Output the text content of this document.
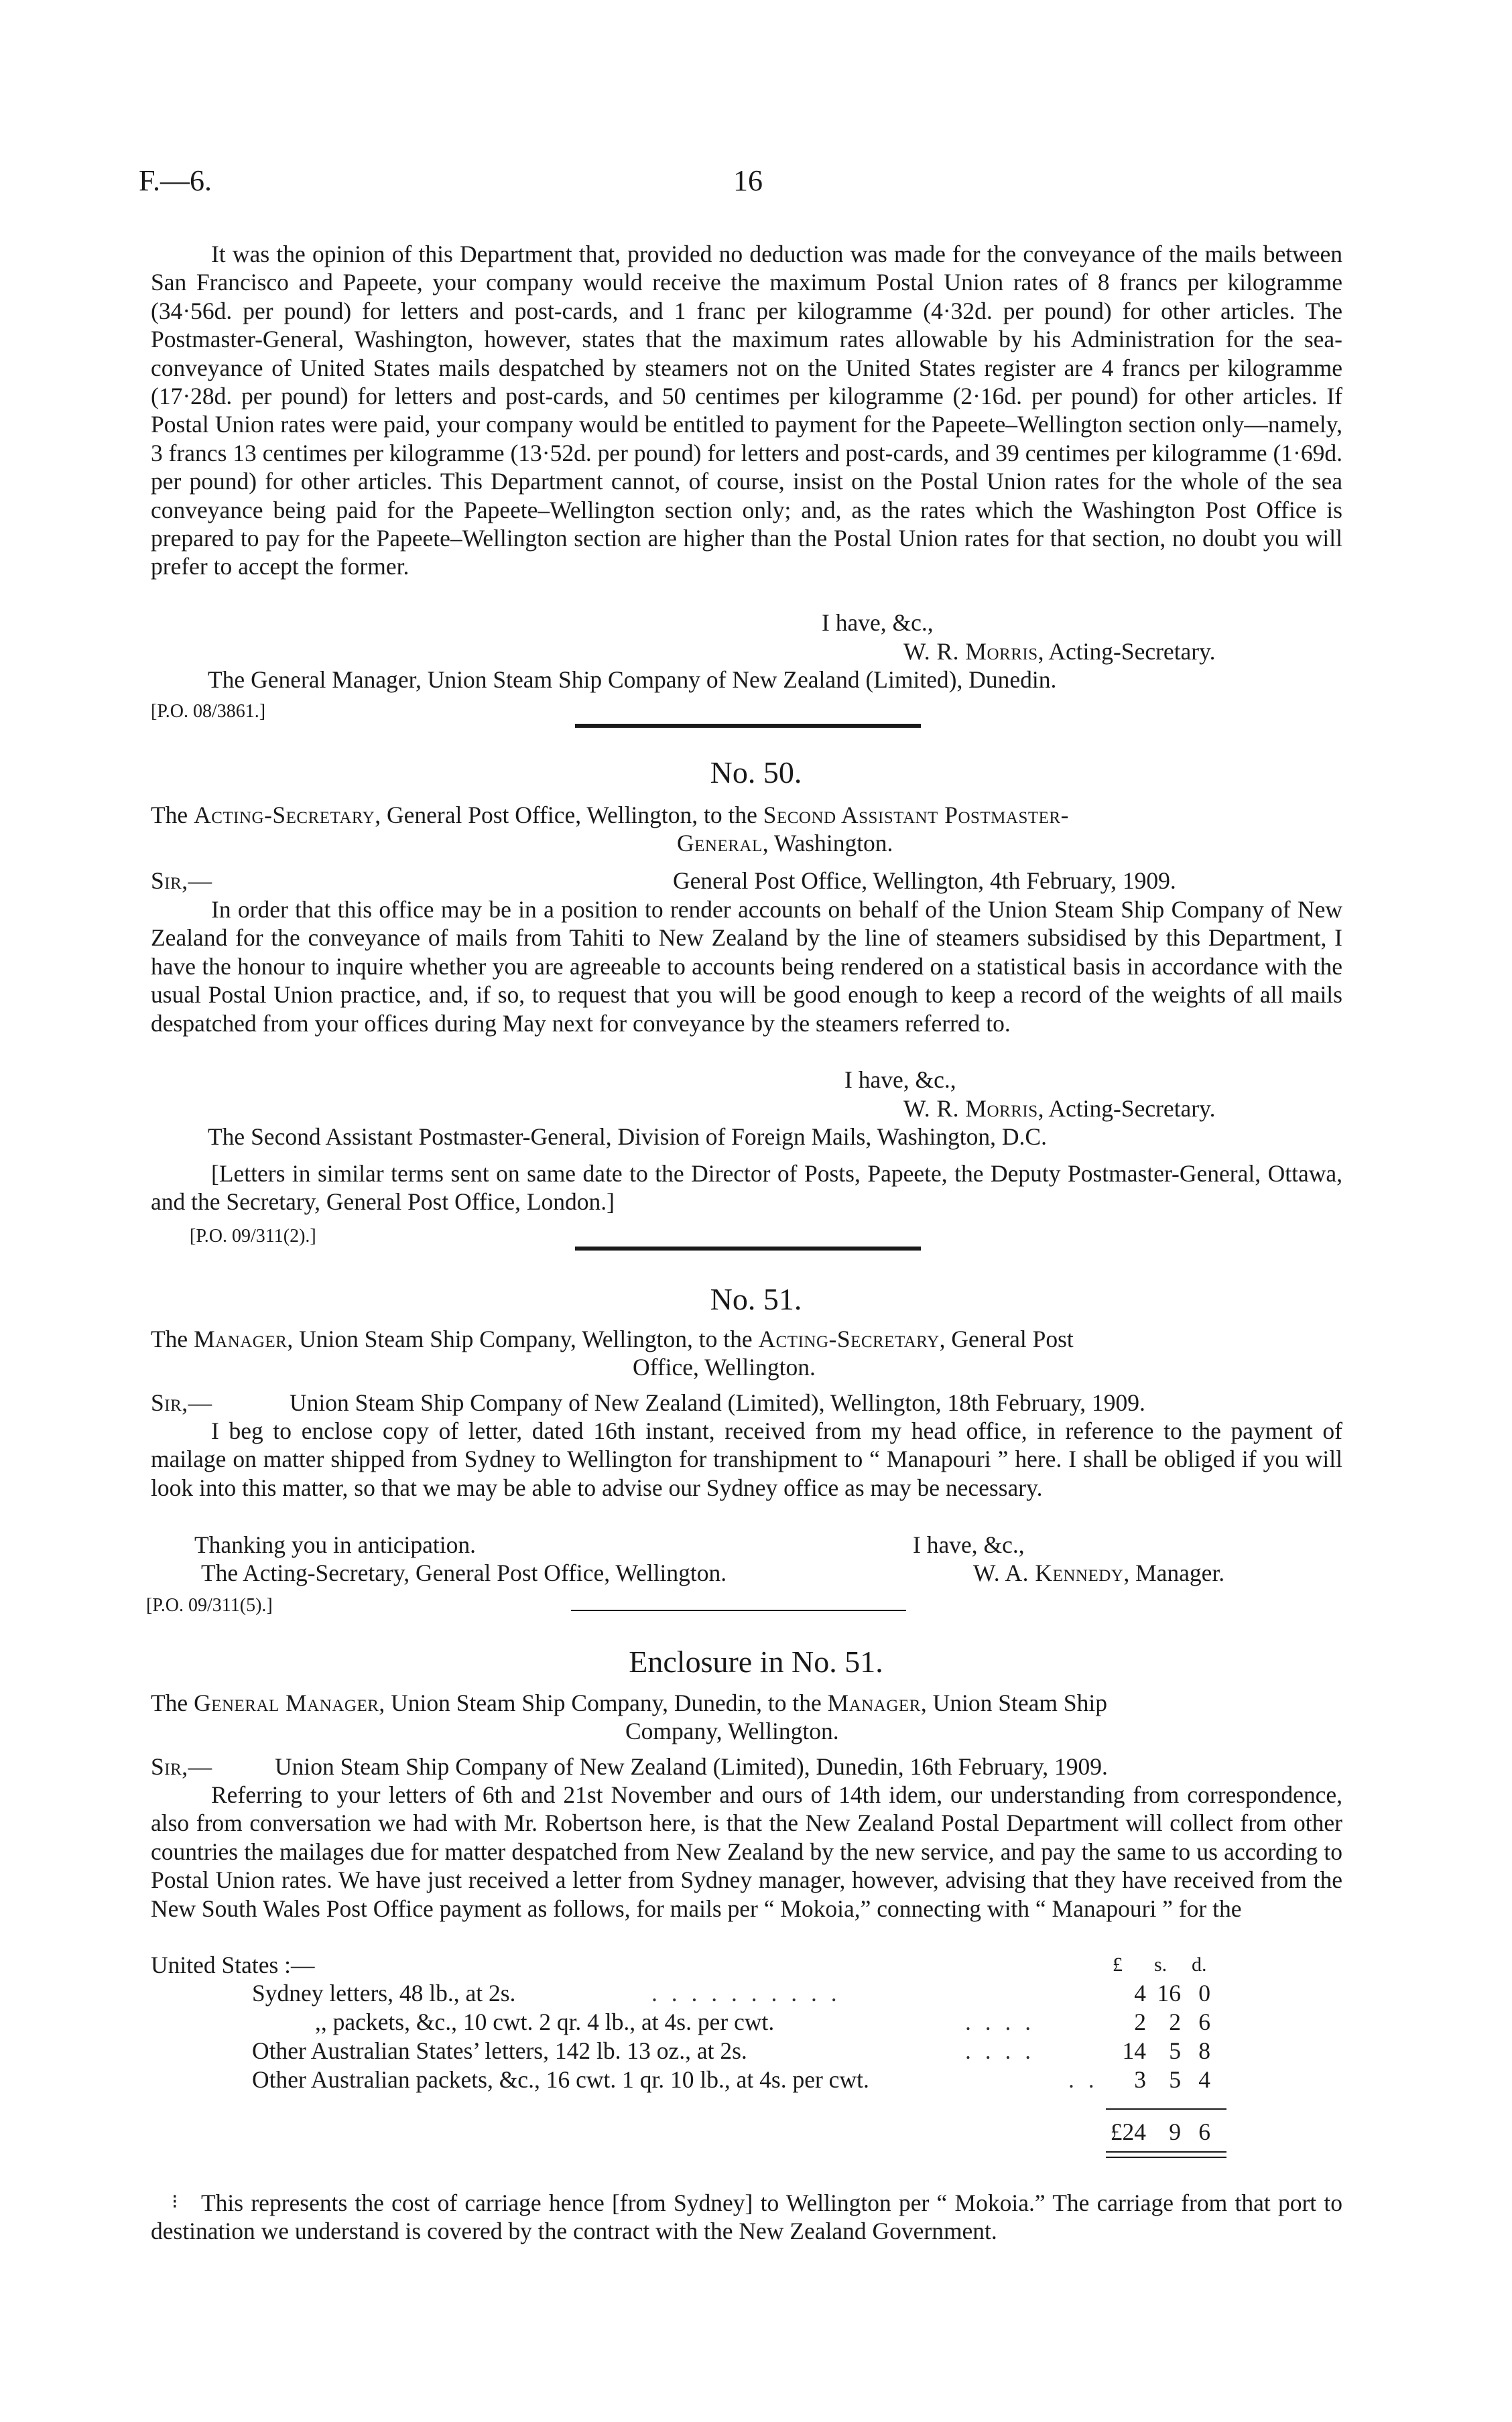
F.—6.	16
It was the opinion of this Department that, provided no deduction was made for the conveyance of the mails between San Francisco and Papeete, your company would receive the maximum Postal Union rates of 8 francs per kilogramme (34·56d. per pound) for letters and post-cards, and 1 franc per kilogramme (4·32d. per pound) for other articles. The Postmaster-General, Washington, however, states that the maximum rates allowable by his Administration for the sea-conveyance of United States mails despatched by steamers not on the United States register are 4 francs per kilogramme (17·28d. per pound) for letters and post-cards, and 50 centimes per kilogramme (2·16d. per pound) for other articles. If Postal Union rates were paid, your company would be entitled to payment for the Papeete–Wellington section only—namely, 3 francs 13 centimes per kilogramme (13·52d. per pound) for letters and post-cards, and 39 centimes per kilogramme (1·69d. per pound) for other articles. This Department cannot, of course, insist on the Postal Union rates for the whole of the sea conveyance being paid for the Papeete–Wellington section only; and, as the rates which the Washington Post Office is prepared to pay for the Papeete–Wellington section are higher than the Postal Union rates for that section, no doubt you will prefer to accept the former.
I have, &c.,
W. R. Morris, Acting-Secretary.
The General Manager, Union Steam Ship Company of New Zealand (Limited), Dunedin.
[P.O. 08/3861.]
No. 50.
The Acting-Secretary, General Post Office, Wellington, to the Second Assistant Postmaster-
General, Washington.
Sir,—	General Post Office, Wellington, 4th February, 1909.
In order that this office may be in a position to render accounts on behalf of the Union Steam Ship Company of New Zealand for the conveyance of mails from Tahiti to New Zealand by the line of steamers subsidised by this Department, I have the honour to inquire whether you are agreeable to accounts being rendered on a statistical basis in accordance with the usual Postal Union practice, and, if so, to request that you will be good enough to keep a record of the weights of all mails despatched from your offices during May next for conveyance by the steamers referred to.
I have, &c.,
W. R. Morris, Acting-Secretary.
The Second Assistant Postmaster-General, Division of Foreign Mails, Washington, D.C.
[Letters in similar terms sent on same date to the Director of Posts, Papeete, the Deputy Postmaster-General, Ottawa, and the Secretary, General Post Office, London.]
[P.O. 09/311(2).]
No. 51.
The Manager, Union Steam Ship Company, Wellington, to the Acting-Secretary, General Post
Office, Wellington.
Sir,—	Union Steam Ship Company of New Zealand (Limited), Wellington, 18th February, 1909.
I beg to enclose copy of letter, dated 16th instant, received from my head office, in reference to the payment of mailage on matter shipped from Sydney to Wellington for transhipment to “ Manapouri ” here. I shall be obliged if you will look into this matter, so that we may be able to advise our Sydney office as may be necessary.
Thanking you in anticipation.	I have, &c.,
The Acting-Secretary, General Post Office, Wellington.	W. A. Kennedy, Manager.
[P.O. 09/311(5).]
Enclosure in No. 51.
The General Manager, Union Steam Ship Company, Dunedin, to the Manager, Union Steam Ship
Company, Wellington.
Sir,—	Union Steam Ship Company of New Zealand (Limited), Dunedin, 16th February, 1909.
Referring to your letters of 6th and 21st November and ours of 14th idem, our understanding from correspondence, also from conversation we had with Mr. Robertson here, is that the New Zealand Postal Department will collect from other countries the mailages due for matter despatched from New Zealand by the new service, and pay the same to us according to Postal Union rates. We have just received a letter from Sydney manager, however, advising that they have received from the New South Wales Post Office payment as follows, for mails per “ Mokoia,” connecting with “ Manapouri ” for the
United States :—	£ s. d.
Sydney letters, 48 lb., at 2s.	. . . . . . . . . .	4 16 0
,, packets, &c., 10 cwt. 2 qr. 4 lb., at 4s. per cwt.	. . . .	2 2 6
Other Australian States’ letters, 142 lb. 13 oz., at 2s.	. . . .	14 5 8
Other Australian packets, &c., 16 cwt. 1 qr. 10 lb., at 4s. per cwt.	. .	3 5 4
£24 9 6
⁝ This represents the cost of carriage hence [from Sydney] to Wellington per “ Mokoia.” The carriage from that port to destination we understand is covered by the contract with the New Zealand Government.
